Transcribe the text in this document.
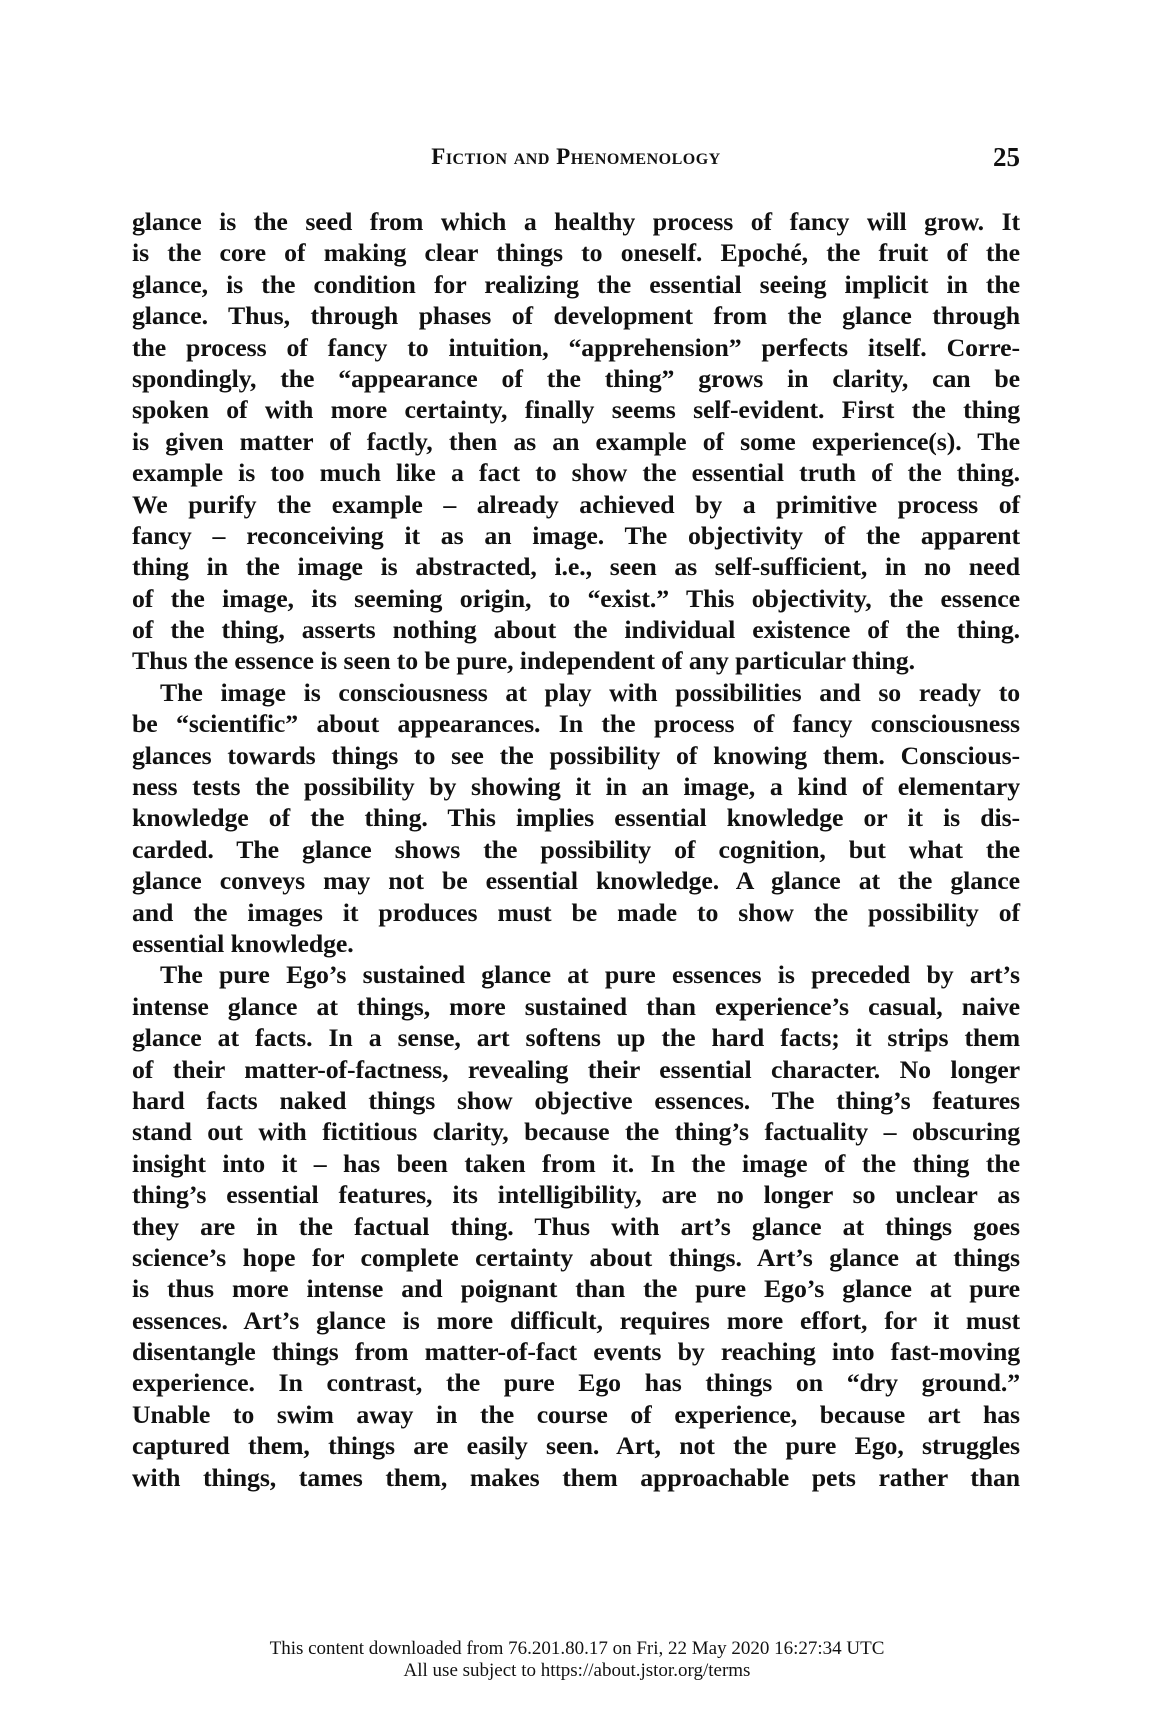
Fiction and Phenomenology	25
glance is the seed from which a healthy process of fancy will grow. It
is the core of making clear things to oneself. Epoché, the fruit of the
glance, is the condition for realizing the essential seeing implicit in the
glance. Thus, through phases of development from the glance through
the process of fancy to intuition, “apprehension” perfects itself. Corre-
spondingly, the “appearance of the thing” grows in clarity, can be
spoken of with more certainty, finally seems self-evident. First the thing
is given matter of factly, then as an example of some experience(s). The
example is too much like a fact to show the essential truth of the thing.
We purify the example – already achieved by a primitive process of
fancy – reconceiving it as an image. The objectivity of the apparent
thing in the image is abstracted, i.e., seen as self-sufficient, in no need
of the image, its seeming origin, to “exist.” This objectivity, the essence
of the thing, asserts nothing about the individual existence of the thing.
Thus the essence is seen to be pure, independent of any particular thing.
The image is consciousness at play with possibilities and so ready to
be “scientific” about appearances. In the process of fancy consciousness
glances towards things to see the possibility of knowing them. Conscious-
ness tests the possibility by showing it in an image, a kind of elementary
knowledge of the thing. This implies essential knowledge or it is dis-
carded. The glance shows the possibility of cognition, but what the
glance conveys may not be essential knowledge. A glance at the glance
and the images it produces must be made to show the possibility of
essential knowledge.
The pure Ego’s sustained glance at pure essences is preceded by art’s
intense glance at things, more sustained than experience’s casual, naive
glance at facts. In a sense, art softens up the hard facts; it strips them
of their matter-of-factness, revealing their essential character. No longer
hard facts naked things show objective essences. The thing’s features
stand out with fictitious clarity, because the thing’s factuality – obscuring
insight into it – has been taken from it. In the image of the thing the
thing’s essential features, its intelligibility, are no longer so unclear as
they are in the factual thing. Thus with art’s glance at things goes
science’s hope for complete certainty about things. Art’s glance at things
is thus more intense and poignant than the pure Ego’s glance at pure
essences. Art’s glance is more difficult, requires more effort, for it must
disentangle things from matter-of-fact events by reaching into fast-moving
experience. In contrast, the pure Ego has things on “dry ground.”
Unable to swim away in the course of experience, because art has
captured them, things are easily seen. Art, not the pure Ego, struggles
with things, tames them, makes them approachable pets rather than
This content downloaded from 76.201.80.17 on Fri, 22 May 2020 16:27:34 UTC
All use subject to https://about.jstor.org/terms
